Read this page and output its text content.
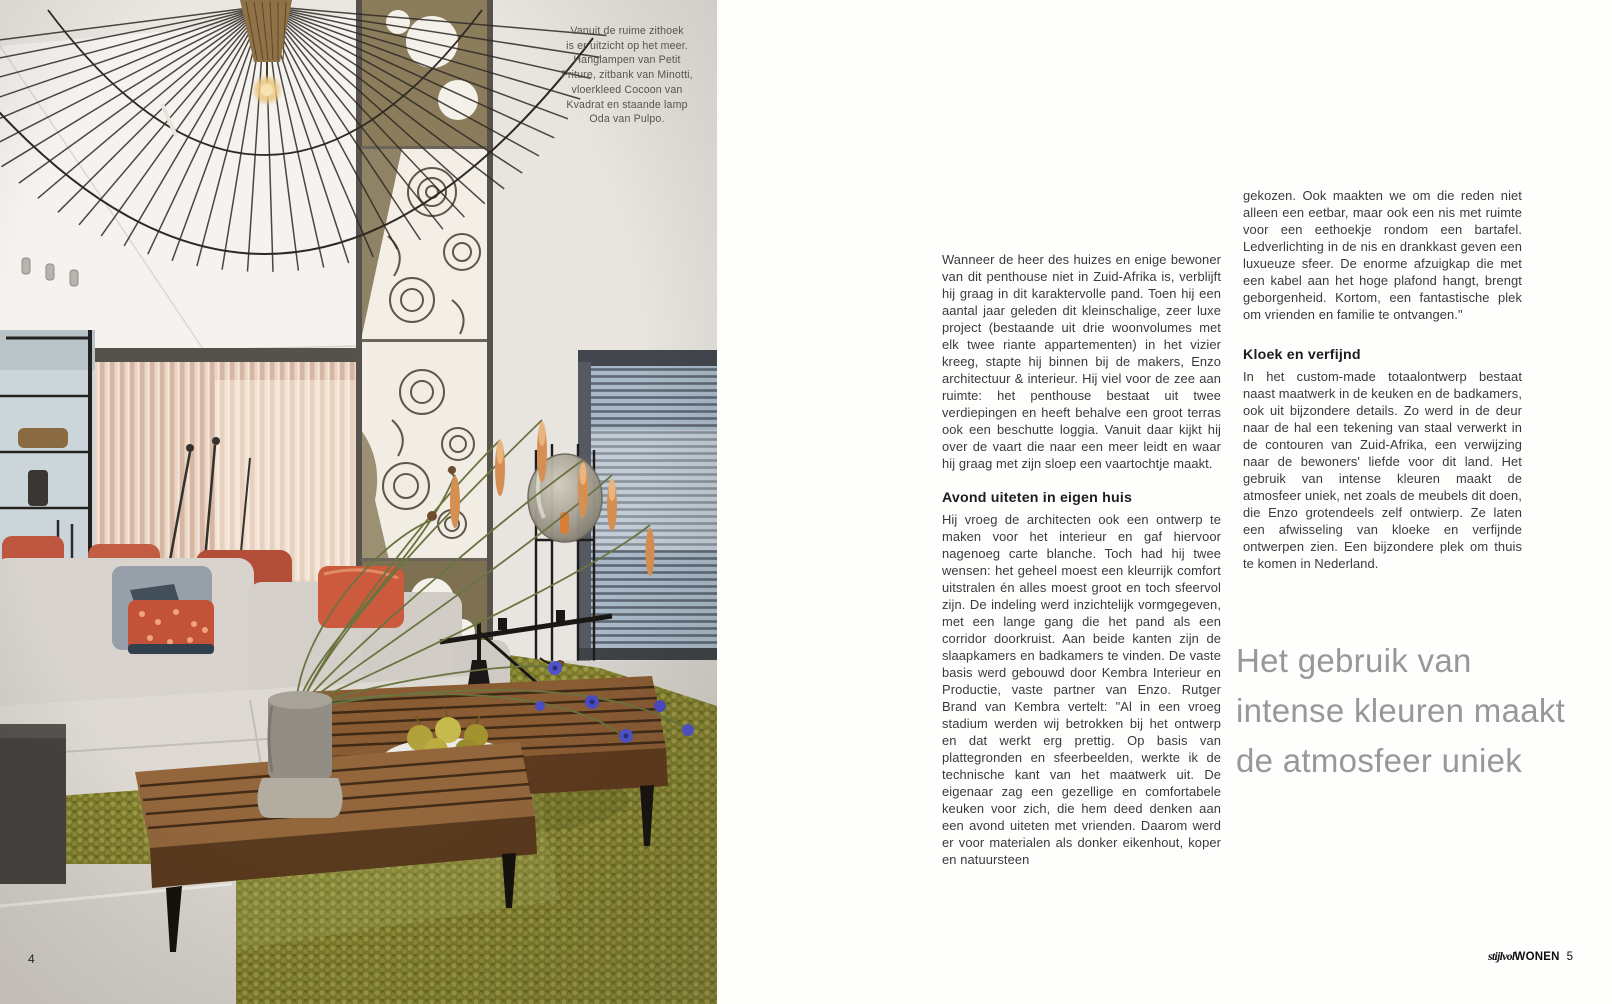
Vanuit de ruime zithoek
is er uitzicht op het meer.
Hanglampen van Petit
Friture, zitbank van Minotti,
vloerkleed Cocoon van
Kvadrat en staande lamp
Oda van Pulpo.
4

Wanneer de heer des huizes en enige bewoner van dit penthouse niet in Zuid-Afrika is, verblijft hij graag in dit karaktervolle pand. Toen hij een aantal jaar geleden dit kleinschalige, zeer luxe project (bestaande uit drie woonvolumes met elk twee riante appartementen) in het vizier kreeg, stapte hij binnen bij de makers, Enzo architectuur & interieur. Hij viel voor de zee aan ruimte: het penthouse bestaat uit twee verdiepingen en heeft behalve een groot terras ook een beschutte loggia. Vanuit daar kijkt hij over de vaart die naar een meer leidt en waar hij graag met zijn sloep een vaartochtje maakt.

Avond uiteten in eigen huis

Hij vroeg de architecten ook een ontwerp te maken voor het interieur en gaf hiervoor nagenoeg carte blanche. Toch had hij twee wensen: het geheel moest een kleurrijk comfort uitstralen én alles moest groot en toch sfeervol zijn. De indeling werd inzichtelijk vormgegeven, met een lange gang die het pand als een corridor doorkruist. Aan beide kanten zijn de slaapkamers en badkamers te vinden. De vaste basis werd gebouwd door Kembra Interieur en Productie, vaste partner van Enzo. Rutger Brand van Kembra vertelt: "Al in een vroeg stadium werden wij betrokken bij het ontwerp en dat werkt erg prettig. Op basis van plattegronden en sfeerbeelden, werkte ik de technische kant van het maatwerk uit. De eigenaar zag een gezellige en comfortabele keuken voor zich, die hem deed denken aan een avond uiteten met vrienden. Daarom werd er voor materialen als donker eikenhout, koper en natuursteen

gekozen. Ook maakten we om die reden niet alleen een eetbar, maar ook een nis met ruimte voor een eethoekje rondom een bartafel. Ledverlichting in de nis en drankkast geven een luxueuze sfeer. De enorme afzuigkap die met een kabel aan het hoge plafond hangt, brengt geborgenheid. Kortom, een fantastische plek om vrienden en familie te ontvangen."

Kloek en verfijnd

In het custom-made totaalontwerp bestaat naast maatwerk in de keuken en de badkamers, ook uit bijzondere details. Zo werd in de deur naar de hal een tekening van staal verwerkt in de contouren van Zuid-Afrika, een verwijzing naar de bewoners' liefde voor dit land. Het gebruik van intense kleuren maakt de atmosfeer uniek, net zoals de meubels dit doen, die Enzo grotendeels zelf ontwierp. Ze laten een afwisseling van kloeke en verfijnde ontwerpen zien. Een bijzondere plek om thuis te komen in Nederland.

Het gebruik van
intense kleuren maakt
de atmosfeer uniek
stijlvolWONEN 5
